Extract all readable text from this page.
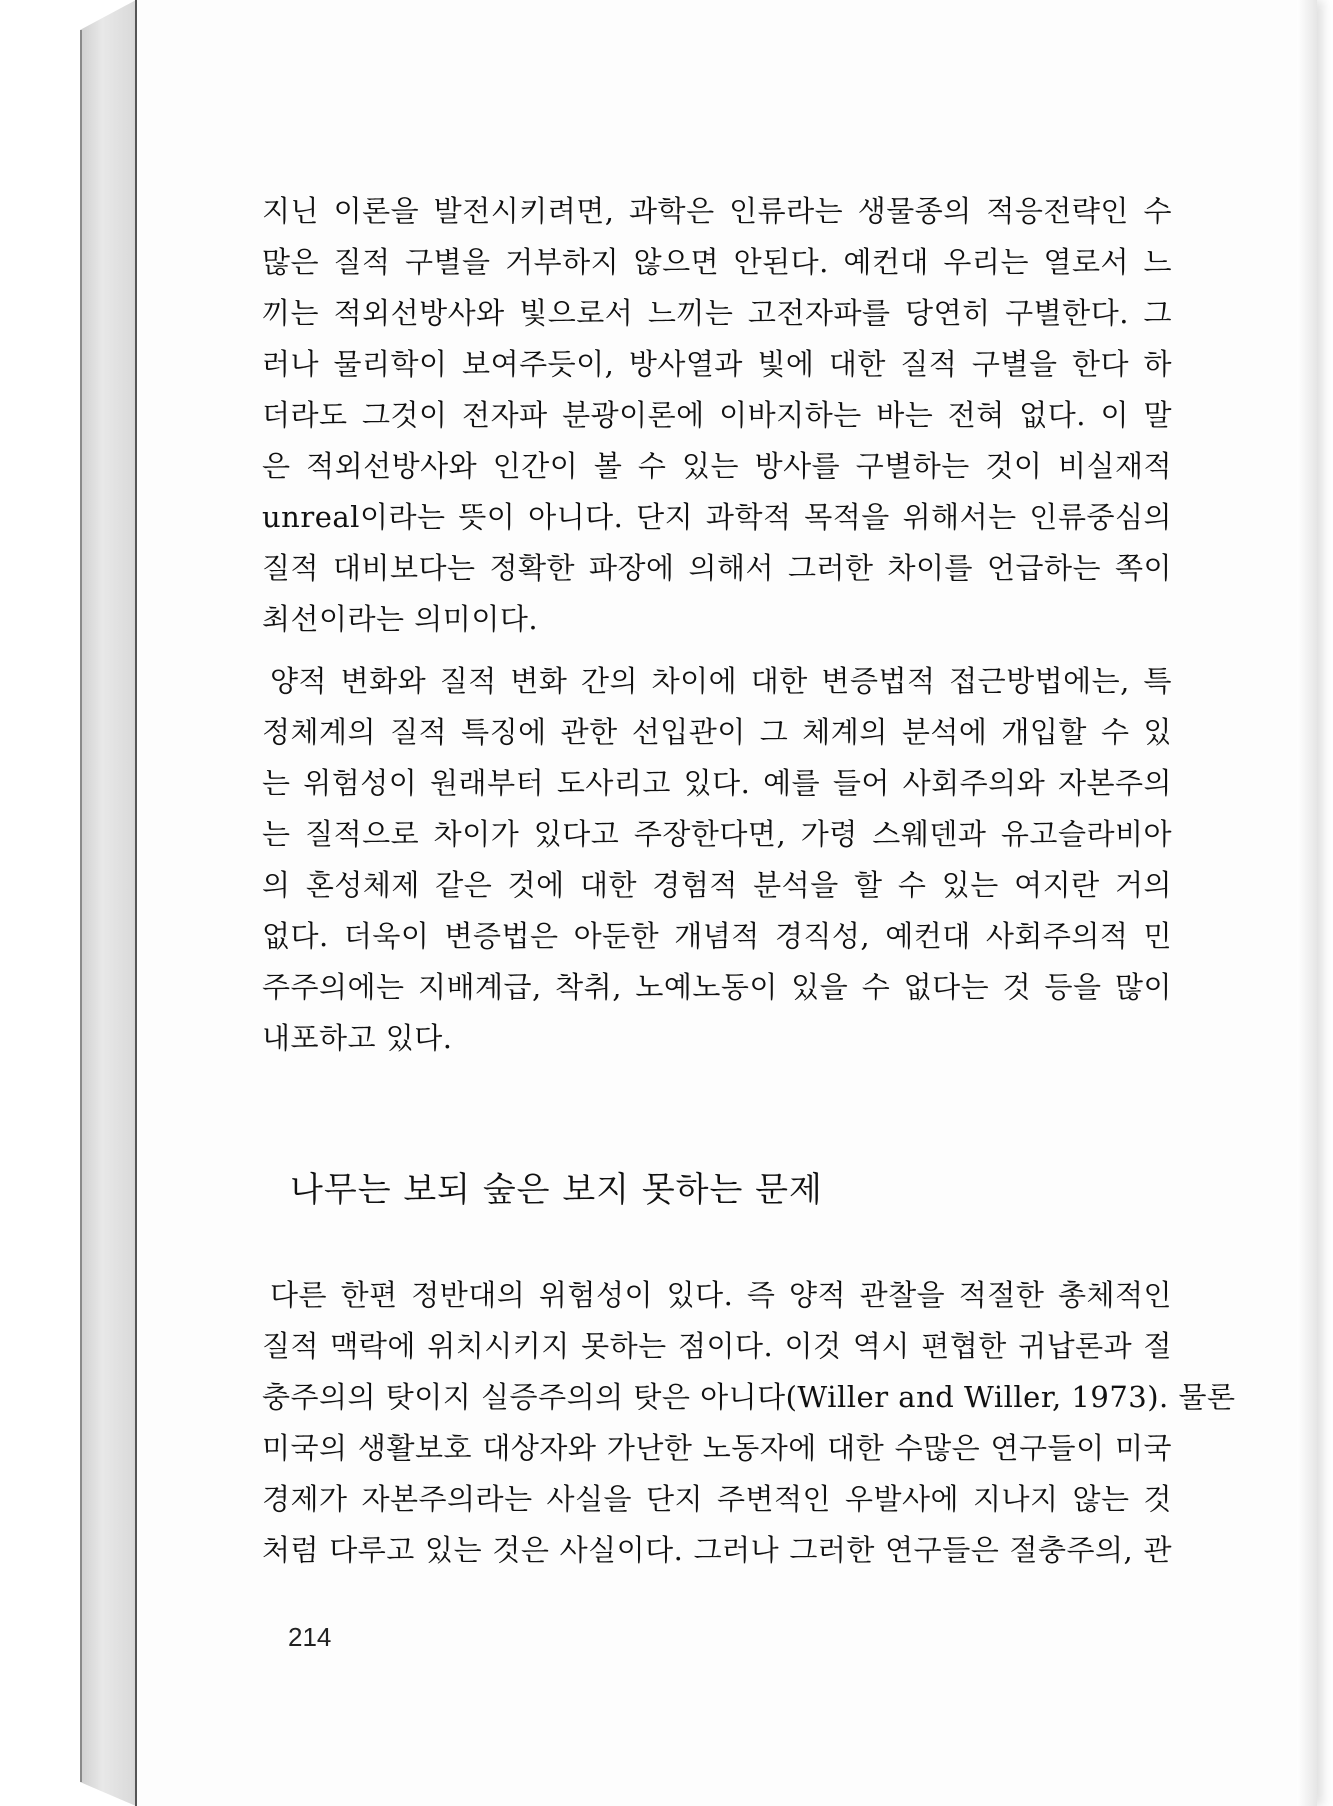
지닌 이론을 발전시키려면, 과학은 인류라는 생물종의 적응전략인 수
많은 질적 구별을 거부하지 않으면 안된다. 예컨대 우리는 열로서 느
끼는 적외선방사와 빛으로서 느끼는 고전자파를 당연히 구별한다. 그
러나 물리학이 보여주듯이, 방사열과 빛에 대한 질적 구별을 한다 하
더라도 그것이 전자파 분광이론에 이바지하는 바는 전혀 없다. 이 말
은 적외선방사와 인간이 볼 수 있는 방사를 구별하는 것이 비실재적
unreal이라는 뜻이 아니다. 단지 과학적 목적을 위해서는 인류중심의
질적 대비보다는 정확한 파장에 의해서 그러한 차이를 언급하는 쪽이
최선이라는 의미이다.
양적 변화와 질적 변화 간의 차이에 대한 변증법적 접근방법에는, 특
정체계의 질적 특징에 관한 선입관이 그 체계의 분석에 개입할 수 있
는 위험성이 원래부터 도사리고 있다. 예를 들어 사회주의와 자본주의
는 질적으로 차이가 있다고 주장한다면, 가령 스웨덴과 유고슬라비아
의 혼성체제 같은 것에 대한 경험적 분석을 할 수 있는 여지란 거의
없다. 더욱이 변증법은 아둔한 개념적 경직성, 예컨대 사회주의적 민
주주의에는 지배계급, 착취, 노예노동이 있을 수 없다는 것 등을 많이
내포하고 있다.
나무는 보되 숲은 보지 못하는 문제
다른 한편 정반대의 위험성이 있다. 즉 양적 관찰을 적절한 총체적인
질적 맥락에 위치시키지 못하는 점이다. 이것 역시 편협한 귀납론과 절
충주의의 탓이지 실증주의의 탓은 아니다(Willer and Willer, 1973). 물론
미국의 생활보호 대상자와 가난한 노동자에 대한 수많은 연구들이 미국
경제가 자본주의라는 사실을 단지 주변적인 우발사에 지나지 않는 것
처럼 다루고 있는 것은 사실이다. 그러나 그러한 연구들은 절충주의, 관
214
